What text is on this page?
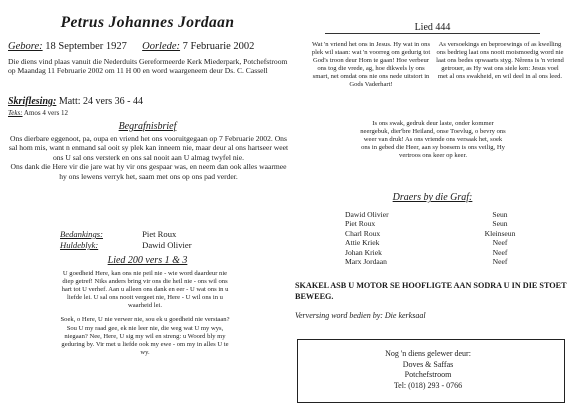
Petrus Johannes Jordaan
Gebore: 18 September 1927 Oorlede: 7 Februarie 2002
Die diens vind plaas vanuit die Nederduits Gereformeerde Kerk Miederpark, Potchefstroom op Maandag 11 Februarie 2002 om 11 H 00 en word waargeneem deur Ds. C. Cassell
Skriflesing: Matt: 24 vers 36 - 44
Teks: Amos 4 vers 12
Begrafnisbrief
Ons dierbare eggenoot, pa, oupa en vriend het ons vooruitgegaan op 7 Februarie 2002. Ons sal hom mis, want n enmand sal ooit sy plek kan inneem nie, maar deur al ons hartseer weet ons U sal ons versterk en ons sal nooit aan U almag twyfel nie.
Ons dank die Here vir die jare wat hy vir ons gespaar was, en neem dan ook alles waarmee hy ons lewens verryk het, saam met ons op ons pad verder.
Bedankings:	Piet Roux
Huldeblyk:	Dawid Olivier
Lied 200 vers 1 & 3
U goedheid Here, kan ons nie peil nie - wie word daardeur nie diep getref! Niks anders bring vir ons die heil nie - ons wil ons hart tot U verhef. Aan u alleen ons dank en eer - U wat ons in u liefde lei. U sal ons nooit vergeet nie, Here - U wil ons in u waarheid lei.
Soek, o Here, U nie verwer nie, sou ek u goedheid nie verstaan? Sou U my raad gee, ek nie leer nie, die weg wat U my wys, niegaan? Nee, Here, U sig my wil en streng: u Woord bly my geduring by. Vir met u liefde ook my ewe - om my in alles U te wy.
Lied 444
Wat 'n vriend het ons in Jesus. Hy wat in ons plek wil staan: wat 'n voorreg om gedurig tot God's troon deur Hom te gaan! Hoe verbeur ons tog die vrede, ag, hoe dikwels ly ons smart, net omdat ons nie ons nede uitstort in Gods Vaderhart!
As versoekings en beproewings of as kwelling ons bedrieg laat ons nooit moismoedig word nie laat ons bedes opwaarts styg. Nêrens is 'n vriend getrouer, as Hy wat ons siele ken: Jesus voel met al ons swakheid, en wil deel in al ons leed.
Is ons swak, gedruk deur laste, onder kommer neergebuk, dier'bre Heiland, onse Toevlug, o bevry ons weer van druk! As ons vriende ons versaak het, soek ons in gebed die Heer, aan sy boesem is ons veilig, Hy vertroos ons keer op keer.
Draers by die Graf:
Dawid Olivier	Seun
Piet Roux	Seun
Charl Roux	Kleinseun
Attie Kriek	Neef
Johan Kriek	Neef
Marx Jordaan	Neef
SKAKEL ASB U MOTOR SE HOOFLIGTE AAN SODRA U IN DIE STOET BEWEEG.
Verversing word bedien by: Die kerksaal
Nog 'n diens gelewer deur:
Doves & Saffas
Potchefstroom
Tel: (018) 293 - 0766
